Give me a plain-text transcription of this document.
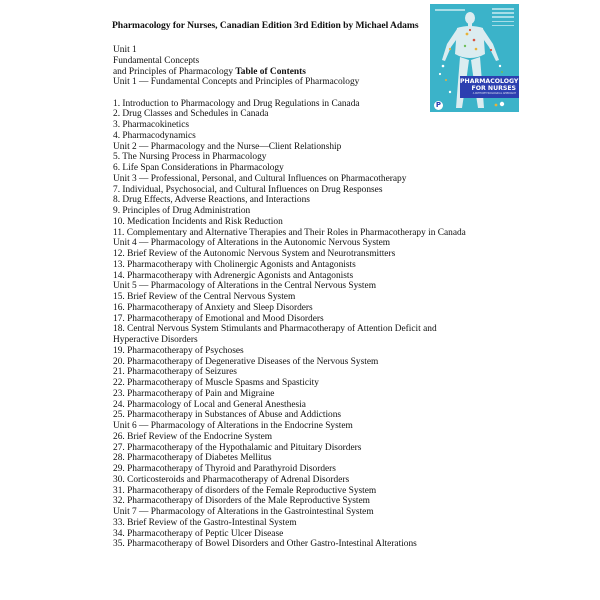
Pharmacology for Nurses, Canadian Edition 3rd Edition by Michael Adams
PHARMACOLOGY
FOR NURSES
A PATHOPHYSIOLOGICAL APPROACH
P
Unit 1
Fundamental Concepts
and Principles of Pharmacology Table of Contents
Unit 1 — Fundamental Concepts and Principles of Pharmacology
1. Introduction to Pharmacology and Drug Regulations in Canada
2. Drug Classes and Schedules in Canada
3. Pharmacokinetics
4. Pharmacodynamics
Unit 2 — Pharmacology and the Nurse—Client Relationship
5. The Nursing Process in Pharmacology
6. Life Span Considerations in Pharmacology
Unit 3 — Professional, Personal, and Cultural Influences on Pharmacotherapy
7. Individual, Psychosocial, and Cultural Influences on Drug Responses
8. Drug Effects, Adverse Reactions, and Interactions
9. Principles of Drug Administration
10. Medication Incidents and Risk Reduction
11. Complementary and Alternative Therapies and Their Roles in Pharmacotherapy in Canada
Unit 4 — Pharmacology of Alterations in the Autonomic Nervous System
12. Brief Review of the Autonomic Nervous System and Neurotransmitters
13. Pharmacotherapy with Cholinergic Agonists and Antagonists
14. Pharmacotherapy with Adrenergic Agonists and Antagonists
Unit 5 — Pharmacology of Alterations in the Central Nervous System
15. Brief Review of the Central Nervous System
16. Pharmacotherapy of Anxiety and Sleep Disorders
17. Pharmacotherapy of Emotional and Mood Disorders
18. Central Nervous System Stimulants and Pharmacotherapy of Attention Deficit and Hyperactive Disorders
19. Pharmacotherapy of Psychoses
20. Pharmacotherapy of Degenerative Diseases of the Nervous System
21. Pharmacotherapy of Seizures
22. Pharmacotherapy of Muscle Spasms and Spasticity
23. Pharmacotherapy of Pain and Migraine
24. Pharmacology of Local and General Anesthesia
25. Pharmacotherapy in Substances of Abuse and Addictions
Unit 6 — Pharmacology of Alterations in the Endocrine System
26. Brief Review of the Endocrine System
27. Pharmacotherapy of the Hypothalamic and Pituitary Disorders
28. Pharmacotherapy of Diabetes Mellitus
29. Pharmacotherapy of Thyroid and Parathyroid Disorders
30. Corticosteroids and Pharmacotherapy of Adrenal Disorders
31. Pharmacotherapy of disorders of the Female Reproductive System
32. Pharmacotherapy of Disorders of the Male Reproductive System
Unit 7 — Pharmacology of Alterations in the Gastrointestinal System
33. Brief Review of the Gastro-Intestinal System
34. Pharmacotherapy of Peptic Ulcer Disease
35. Pharmacotherapy of Bowel Disorders and Other Gastro-Intestinal Alterations
